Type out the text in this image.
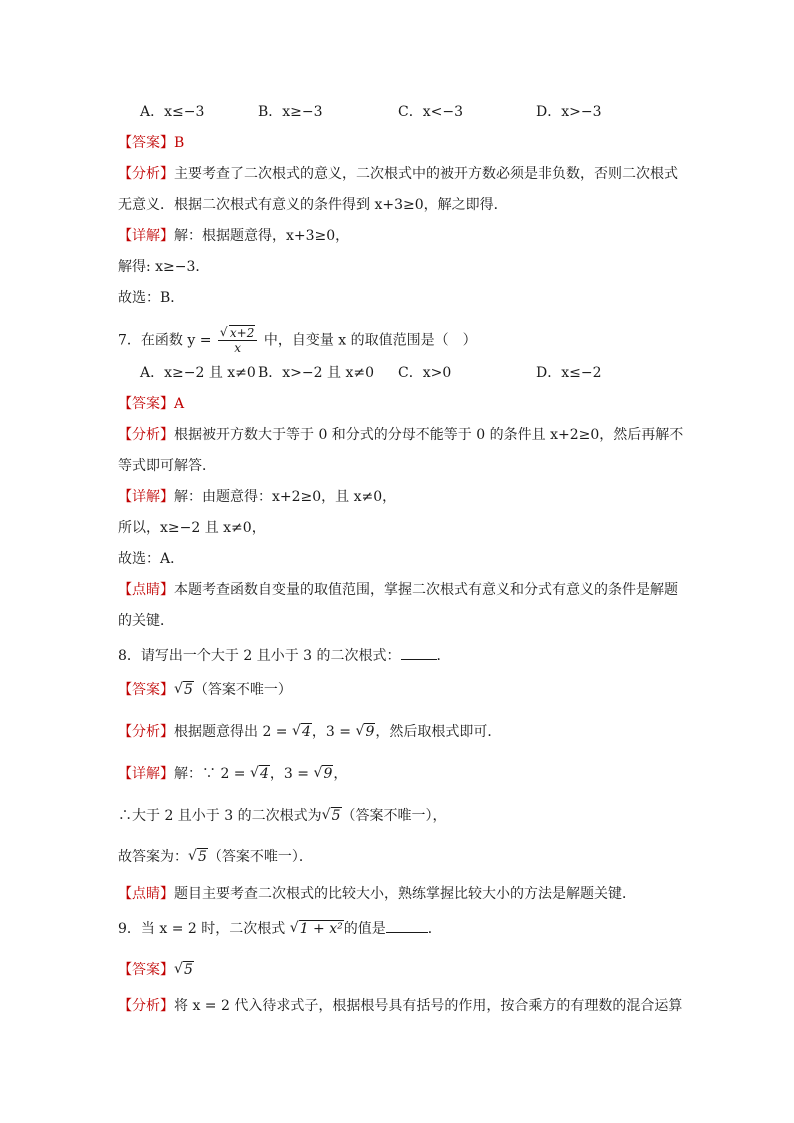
A．x≤−3	B．x≥−3	C．x<−3	D．x>−3
【答案】B
【分析】主要考查了二次根式的意义，二次根式中的被开方数必须是非负数，否则二次根式
无意义．根据二次根式有意义的条件得到 x+3≥0，解之即得．
【详解】解：根据题意得，x+3≥0，
解得: x≥−3．
故选：B．
7．在函数 y = √ $\frac{x+2}{x}$ 中，自变量 x 的取值范围是（　）
A．x≥−2 且 x≠0 B．x>−2 且 x≠0 C．x>0	D．x≤−2
【答案】A
【分析】根据被开方数大于等于 0 和分式的分母不能等于 0 的条件且 x+2≥0，然后再解不
等式即可解答．
【详解】解：由题意得：x+2≥0，且 x≠0，
所以，x≥−2 且 x≠0，
故选：A．
【点睛】本题考查函数自变量的取值范围，掌握二次根式有意义和分式有意义的条件是解题
的关键．
8．请写出一个大于 2 且小于 3 的二次根式：	．
【答案】 √ 5（答案不唯一）
【分析】根据题意得出 2 = √ 4，3 = √ 9，然后取根式即可．
【详解】解：∵ 2 = √ 4，3 = √ 9，
∴大于 2 且小于 3 的二次根式为 √ 5（答案不唯一），
故答案为： √ 5（答案不唯一）．
【点睛】题目主要考查二次根式的比较大小，熟练掌握比较大小的方法是解题关键．
9．当 x = 2 时，二次根式 √ 1 + x²的值是	．
【答案】 √ 5
【分析】将 x = 2 代入待求式子，根据根号具有括号的作用，按合乘方的有理数的混合运算
